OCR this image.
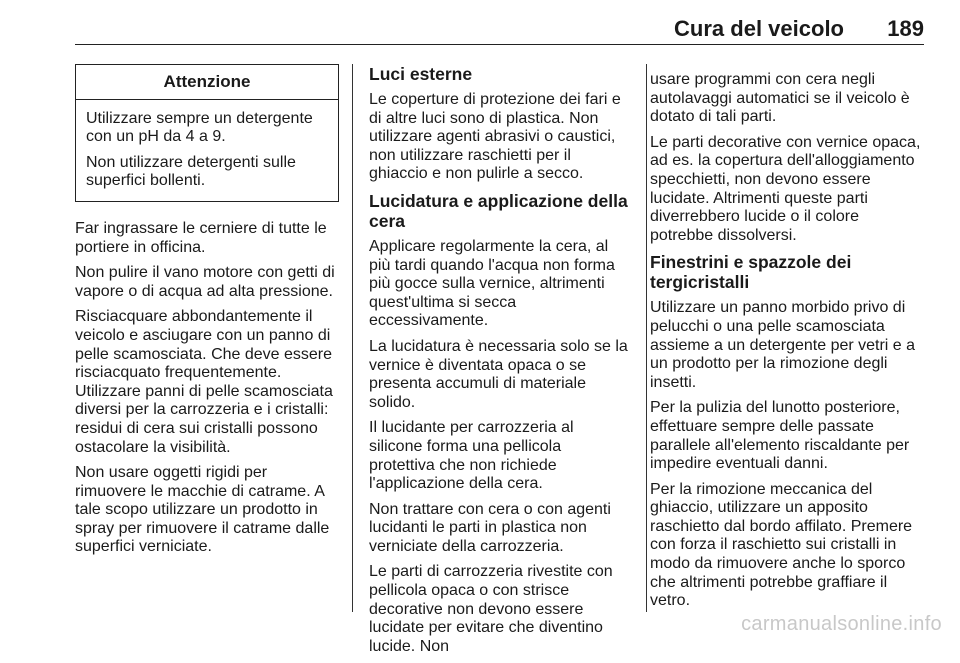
Cura del veicolo 189
Attenzione

Utilizzare sempre un detergente con un pH da 4 a 9.

Non utilizzare detergenti sulle superfici bollenti.

Far ingrassare le cerniere di tutte le portiere in officina.

Non pulire il vano motore con getti di vapore o di acqua ad alta pressione.

Risciacquare abbondantemente il veicolo e asciugare con un panno di pelle scamosciata. Che deve essere risciacquato frequentemente. Utilizzare panni di pelle scamosciata diversi per la carrozzeria e i cristalli: residui di cera sui cristalli possono ostacolare la visibilità.

Non usare oggetti rigidi per rimuovere le macchie di catrame. A tale scopo utilizzare un prodotto in spray per rimuovere il catrame dalle superfici verniciate.

Luci esterne

Le coperture di protezione dei fari e di altre luci sono di plastica. Non utilizzare agenti abrasivi o caustici, non utilizzare raschietti per il ghiaccio e non pulirle a secco.

Lucidatura e applicazione della cera

Applicare regolarmente la cera, al più tardi quando l'acqua non forma più gocce sulla vernice, altrimenti quest'ultima si secca eccessivamente.

La lucidatura è necessaria solo se la vernice è diventata opaca o se presenta accumuli di materiale solido.

Il lucidante per carrozzeria al silicone forma una pellicola protettiva che non richiede l'applicazione della cera.

Non trattare con cera o con agenti lucidanti le parti in plastica non verniciate della carrozzeria.

Le parti di carrozzeria rivestite con pellicola opaca o con strisce decorative non devono essere lucidate per evitare che diventino lucide. Non

usare programmi con cera negli autolavaggi automatici se il veicolo è dotato di tali parti.

Le parti decorative con vernice opaca, ad es. la copertura dell'alloggiamento specchietti, non devono essere lucidate. Altrimenti queste parti diverrebbero lucide o il colore potrebbe dissolversi.

Finestrini e spazzole dei tergicristalli

Utilizzare un panno morbido privo di pelucchi o una pelle scamosciata assieme a un detergente per vetri e a un prodotto per la rimozione degli insetti.

Per la pulizia del lunotto posteriore, effettuare sempre delle passate parallele all'elemento riscaldante per impedire eventuali danni.

Per la rimozione meccanica del ghiaccio, utilizzare un apposito raschietto dal bordo affilato. Premere con forza il raschietto sui cristalli in modo da rimuovere anche lo sporco che altrimenti potrebbe graffiare il vetro.

carmanualsonline.info
